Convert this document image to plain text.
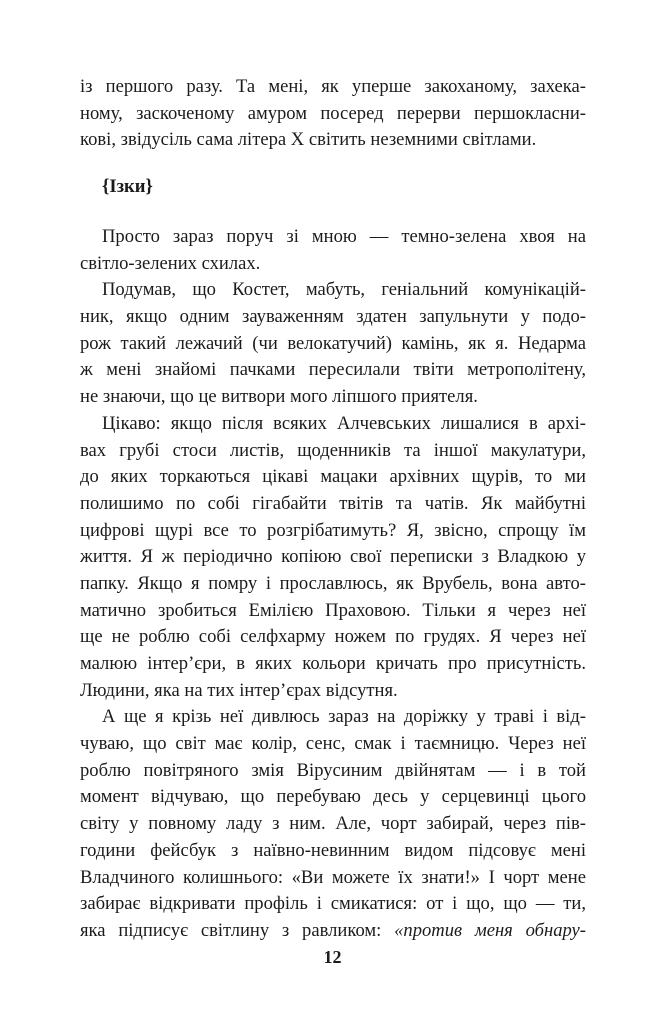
із першого разу. Та мені, як уперше закоханому, захека-
ному, заскоченому амуром посеред перерви першокласни-
кові, звідусіль сама літера Х світить неземними світлами.
{Ізки}
Просто зараз поруч зі мною — темно-зелена хвоя на
світло-зелених схилах.
Подумав, що Костет, мабуть, геніальний комунікацій-
ник, якщо одним зауваженням здатен запульнути у подо-
рож такий лежачий (чи велокатучий) камінь, як я. Недарма
ж мені знайомі пачками пересилали твіти метрополітену,
не знаючи, що це витвори мого ліпшого приятеля.
Цікаво: якщо після всяких Алчевських лишалися в архі-
вах грубі стоси листів, щоденників та іншої макулатури,
до яких торкаються цікаві мацаки архівних щурів, то ми
полишимо по собі гігабайти твітів та чатів. Як майбутні
цифрові щурі все то розгрібатимуть? Я, звісно, спрощу їм
життя. Я ж періодично копіюю свої переписки з Владкою у
папку. Якщо я помру і прославлюсь, як Врубель, вона авто-
матично зробиться Емілією Праховою. Тільки я через неї
ще не роблю собі селфхарму ножем по грудях. Я через неї
малюю інтер’єри, в яких кольори кричать про присутність.
Людини, яка на тих інтер’єрах відсутня.
А ще я крізь неї дивлюсь зараз на доріжку у траві і від-
чуваю, що світ має колір, сенс, смак і таємницю. Через неї
роблю повітряного змія Вірусиним двійнятам — і в той
момент відчуваю, що перебуваю десь у серцевинці цього
світу у повному ладу з ним. Але, чорт забирай, через пів-
години фейсбук з наївно-невинним видом підсовує мені
Владчиного колишнього: «Ви можете їх знати!» І чорт мене
забирає відкривати профіль і смикатися: от і що, що — ти,
яка підписує світлину з равликом: «против меня обнару-
12
